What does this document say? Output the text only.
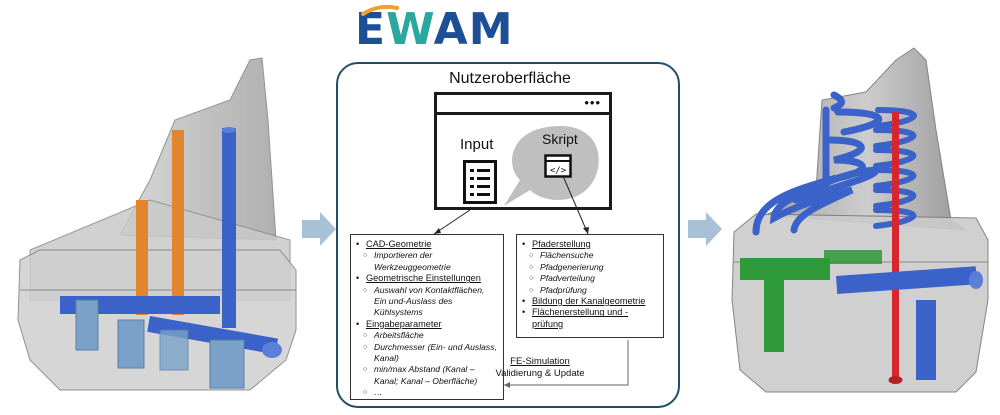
EWAM
Nutzeroberfläche
•••
Input	Skript
</>
• CAD-Geometrie
○ Importieren der Werkzeuggeometrie
• Geometrische Einstellungen
○ Auswahl von Kontaktflächen, Ein und-Auslass des Kühlsystems
• Eingabeparameter
○ Arbeitsfläche
○ Durchmesser (Ein- und Auslass, Kanal)
○ min/max Abstand (Kanal – Kanal; Kanal – Oberfläche)
○ …
• Pfaderstellung
○ Flächensuche
○ Pfadgenerierung
○ Pfadverteilung
○ Pfadprüfung
• Bildung der Kanalgeometrie
• Flächenerstellung und -prüfung
FE-Simulation
Validierung & Update
